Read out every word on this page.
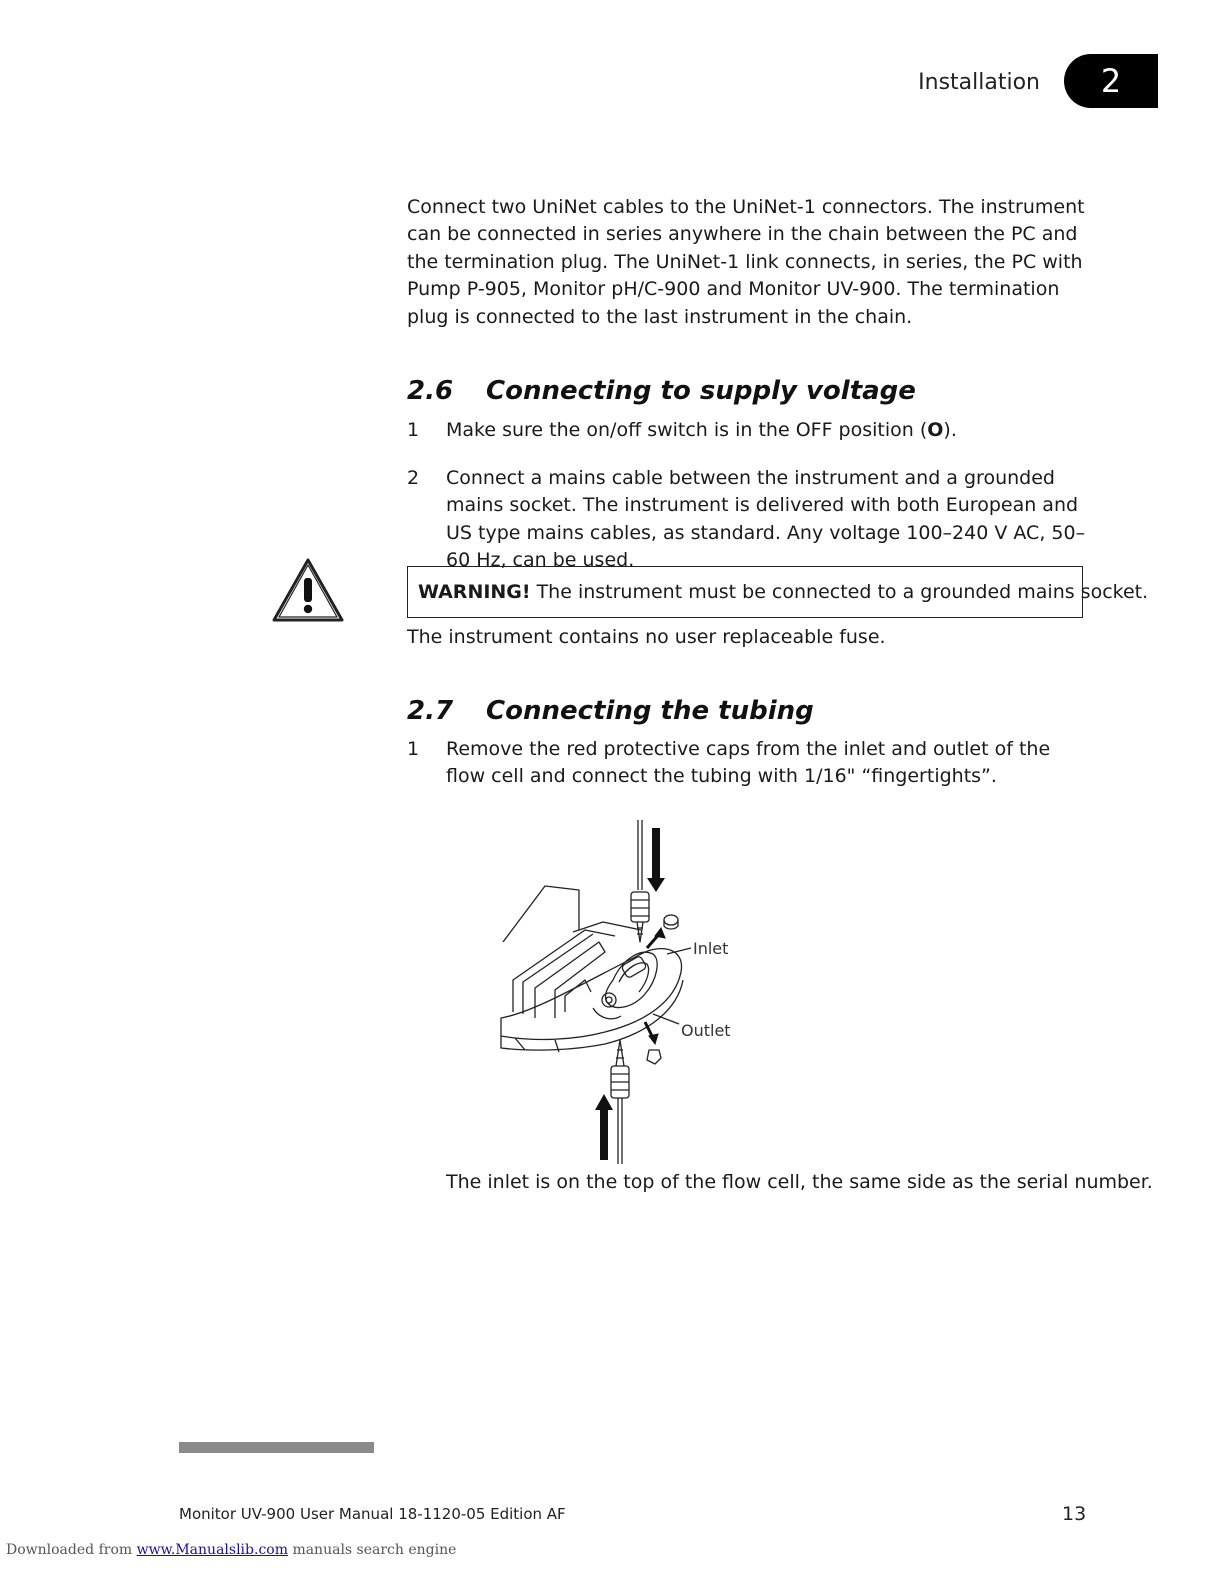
Installation	2
Connect two UniNet cables to the UniNet-1 connectors. The instrument can be connected in series anywhere in the chain between the PC and the termination plug. The UniNet-1 link connects, in series, the PC with Pump P-905, Monitor pH/C-900 and Monitor UV-900. The termination plug is connected to the last instrument in the chain.
2.6 Connecting to supply voltage
1 Make sure the on/off switch is in the OFF position (O).
2 Connect a mains cable between the instrument and a grounded mains socket. The instrument is delivered with both European and US type mains cables, as standard. Any voltage 100–240 V AC, 50–60 Hz, can be used.
WARNING! The instrument must be connected to a grounded mains socket.
The instrument contains no user replaceable fuse.
2.7 Connecting the tubing
1 Remove the red protective caps from the inlet and outlet of the flow cell and connect the tubing with 1/16" “fingertights”.
Inlet
Outlet
The inlet is on the top of the flow cell, the same side as the serial number.
Monitor UV-900 User Manual 18-1120-05 Edition AF	13
Downloaded from www.Manualslib.com manuals search engine
